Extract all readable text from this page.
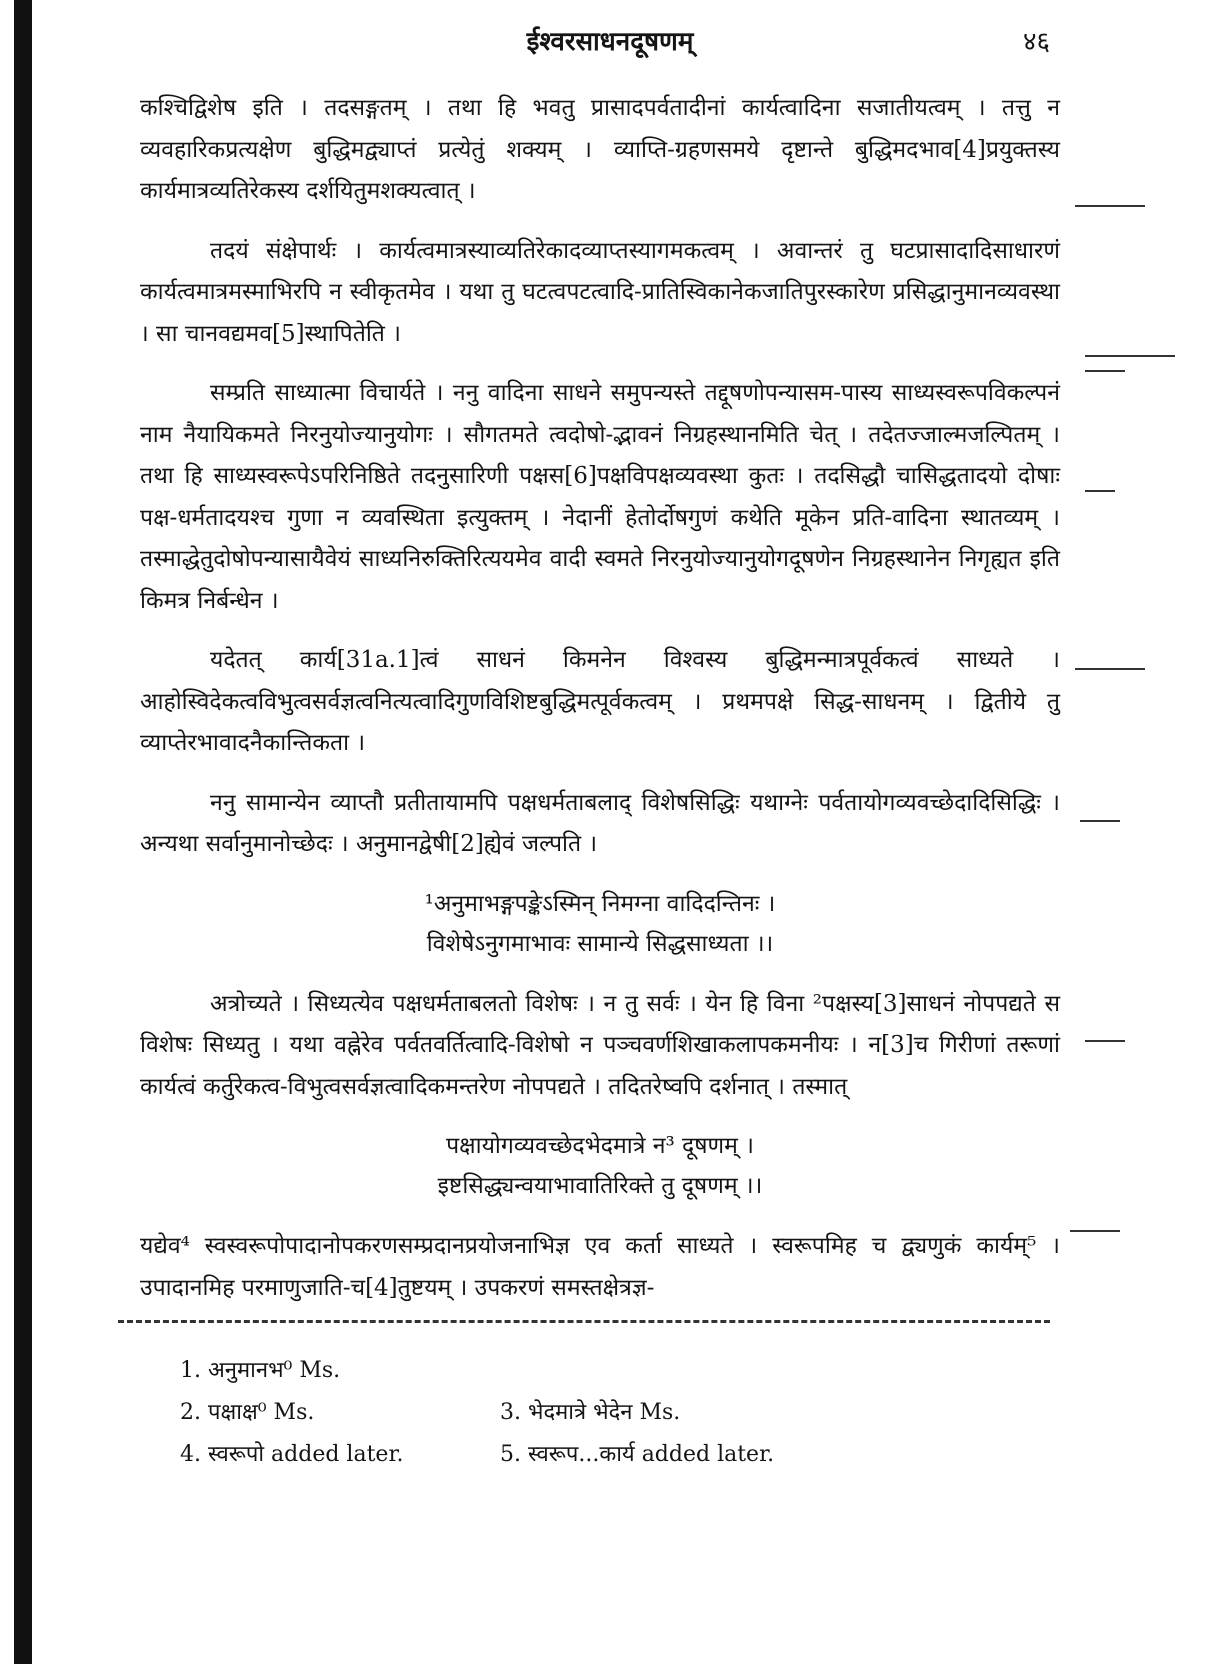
ईश्वरसाधनदूषणम्	४६

कश्चिद्विशेष इति । तदसङ्गतम् । तथा हि भवतु प्रासादपर्वतादीनां कार्यत्वादिना सजातीयत्वम् । तत्तु न व्यवहारिकप्रत्यक्षेण बुद्धिमद्व्याप्तं प्रत्येतुं शक्यम् । व्याप्ति-ग्रहणसमये दृष्टान्ते बुद्धिमदभाव[4]प्रयुक्तस्य कार्यमात्रव्यतिरेकस्य दर्शयितुमशक्यत्वात् ।

तदयं संक्षेपार्थः । कार्यत्वमात्रस्याव्यतिरेकादव्याप्तस्यागमकत्वम् । अवान्तरं तु घटप्रासादादिसाधारणं कार्यत्वमात्रमस्माभिरपि न स्वीकृतमेव । यथा तु घटत्वपटत्वादि-प्रातिस्विकानेकजातिपुरस्कारेण प्रसिद्धानुमानव्यवस्था । सा चानवद्यमव[5]स्थापितेति ।

सम्प्रति साध्यात्मा विचार्यते । ननु वादिना साधने समुपन्यस्ते तद्दूषणोपन्यासम-पास्य साध्यस्वरूपविकल्पनं नाम नैयायिकमते निरनुयोज्यानुयोगः । सौगतमते त्वदोषो-द्भावनं निग्रहस्थानमिति चेत् । तदेतज्जाल्मजल्पितम् । तथा हि साध्यस्वरूपेऽपरिनिष्ठिते तदनुसारिणी पक्षस[6]पक्षविपक्षव्यवस्था कुतः । तदसिद्धौ चासिद्धतादयो दोषाः पक्ष-धर्मतादयश्च गुणा न व्यवस्थिता इत्युक्तम् । नेदानीं हेतोर्दोषगुणं कथेति मूकेन प्रति-वादिना स्थातव्यम् । तस्माद्धेतुदोषोपन्यासायैवेयं साध्यनिरुक्तिरित्ययमेव वादी स्वमते निरनुयोज्यानुयोगदूषणेन निग्रहस्थानेन निगृह्यत इति किमत्र निर्बन्धेन ।

यदेतत् कार्य[31a.1]त्वं साधनं किमनेन विश्वस्य बुद्धिमन्मात्रपूर्वकत्वं साध्यते । आहोस्विदेकत्वविभुत्वसर्वज्ञत्वनित्यत्वादिगुणविशिष्टबुद्धिमत्पूर्वकत्वम् । प्रथमपक्षे सिद्ध-साधनम् । द्वितीये तु व्याप्तेरभावादनैकान्तिकता ।

ननु सामान्येन व्याप्तौ प्रतीतायामपि पक्षधर्मताबलाद् विशेषसिद्धिः यथाग्नेः पर्वतायोगव्यवच्छेदादिसिद्धिः । अन्यथा सर्वानुमानोच्छेदः । अनुमानद्वेषी[2]ह्येवं जल्पति ।

¹अनुमाभङ्गपङ्केऽस्मिन् निमग्ना वादिदन्तिनः ।
विशेषेऽनुगमाभावः सामान्ये सिद्धसाध्यता ।।

अत्रोच्यते । सिध्यत्येव पक्षधर्मताबलतो विशेषः । न तु सर्वः । येन हि विना ²पक्षस्य[3]साधनं नोपपद्यते स विशेषः सिध्यतु । यथा वह्नेरेव पर्वतवर्तित्वादि-विशेषो न पञ्चवर्णशिखाकलापकमनीयः । न[3]च गिरीणां तरूणां कार्यत्वं कर्तुरेकत्व-विभुत्वसर्वज्ञत्वादिकमन्तरेण नोपपद्यते । तदितरेष्वपि दर्शनात् । तस्मात्

पक्षायोगव्यवच्छेदभेदमात्रे न³ दूषणम् ।
इष्टसिद्ध्यन्वयाभावातिरिक्ते तु दूषणम् ।।

यद्येव⁴ स्वस्वरूपोपादानोपकरणसम्प्रदानप्रयोजनाभिज्ञ एव कर्ता साध्यते । स्वरूपमिह च द्व्यणुकं कार्यम्⁵ । उपादानमिह परमाणुजाति-च[4]तुष्टयम् । उपकरणं समस्तक्षेत्रज्ञ-

1. अनुमानभ⁰ Ms.
2. पक्षाक्ष⁰ Ms.	3. भेदमात्रे भेदेन Ms.
4. स्वरूपो added later.	5. स्वरूप...कार्य added later.
